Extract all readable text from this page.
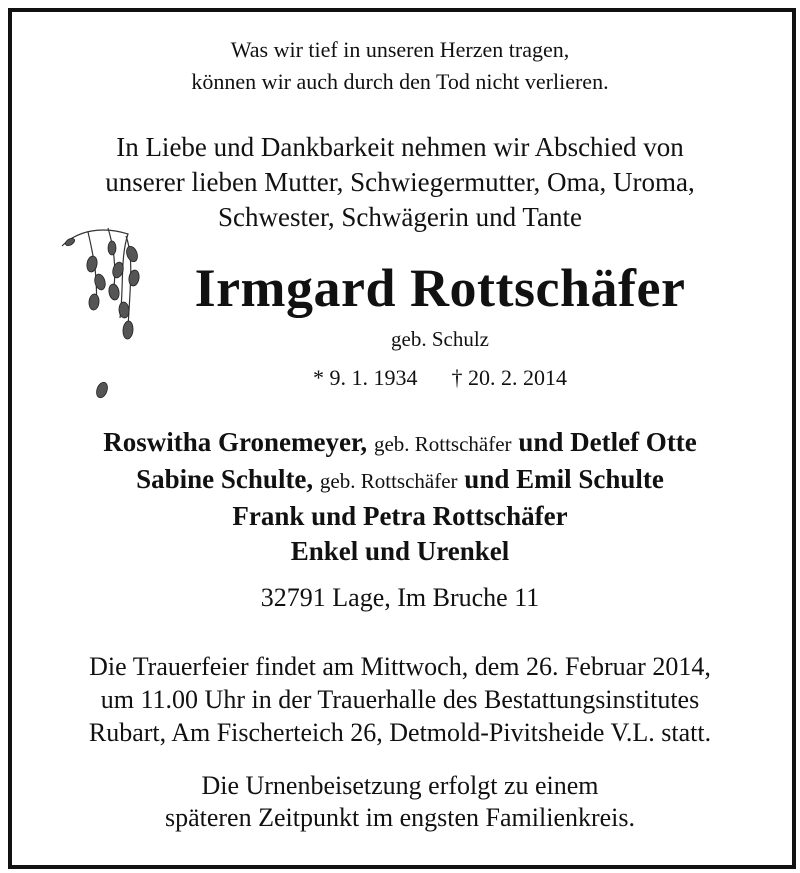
Was wir tief in unseren Herzen tragen,
können wir auch durch den Tod nicht verlieren.
In Liebe und Dankbarkeit nehmen wir Abschied von
unserer lieben Mutter, Schwiegermutter, Oma, Uroma,
Schwester, Schwägerin und Tante
Irmgard Rottschäfer
geb. Schulz
* 9. 1. 1934 † 20. 2. 2014
Roswitha Gronemeyer, geb. Rottschäfer und Detlef Otte
Sabine Schulte, geb. Rottschäfer und Emil Schulte
Frank und Petra Rottschäfer
Enkel und Urenkel
32791 Lage, Im Bruche 11
Die Trauerfeier findet am Mittwoch, dem 26. Februar 2014,
um 11.00 Uhr in der Trauerhalle des Bestattungsinstitutes
Rubart, Am Fischerteich 26, Detmold-Pivitsheide V.L. statt.
Die Urnenbeisetzung erfolgt zu einem
späteren Zeitpunkt im engsten Familienkreis.
